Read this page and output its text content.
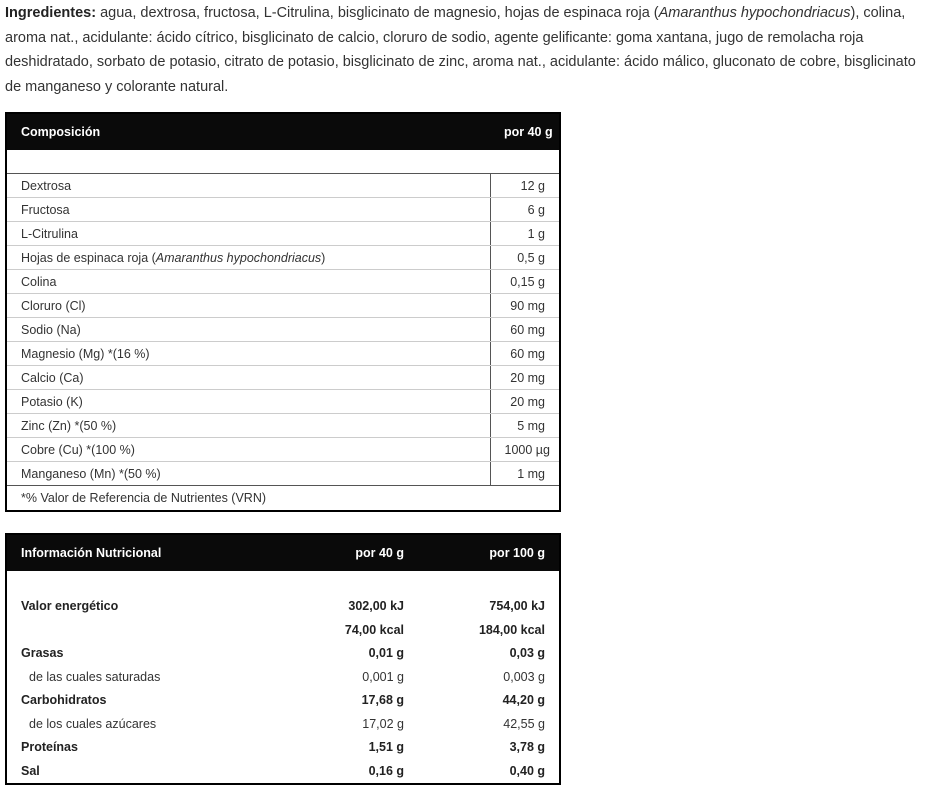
Ingredientes: agua, dextrosa, fructosa, L-Citrulina, bisglicinato de magnesio, hojas de espinaca roja (Amaranthus hypochondriacus), colina, aroma nat., acidulante: ácido cítrico, bisglicinato de calcio, cloruro de sodio, agente gelificante: goma xantana, jugo de remolacha roja deshidratado, sorbato de potasio, citrato de potasio, bisglicinato de zinc, aroma nat., acidulante: ácido málico, gluconato de cobre, bisglicinato de manganeso y colorante natural.
Composición	por 40 g

Dextrosa	12 g
Fructosa	6 g
L-Citrulina	1 g
Hojas de espinaca roja (Amaranthus hypochondriacus)	0,5 g
Colina	0,15 g
Cloruro (Cl)	90 mg
Sodio (Na)	60 mg
Magnesio (Mg) *(16 %)	60 mg
Calcio (Ca)	20 mg
Potasio (K)	20 mg
Zinc (Zn) *(50 %)	5 mg
Cobre (Cu) *(100 %)	1000 µg
Manganeso (Mn) *(50 %)	1 mg
*% Valor de Referencia de Nutrientes (VRN)	
Información Nutricional	por 40 g	por 100 g

Valor energético	302,00 kJ	754,00 kJ
	74,00 kcal	184,00 kcal
Grasas	0,01 g	0,03 g
de las cuales saturadas	0,001 g	0,003 g
Carbohidratos	17,68 g	44,20 g
de los cuales azúcares	17,02 g	42,55 g
Proteínas	1,51 g	3,78 g
Sal	0,16 g	0,40 g
